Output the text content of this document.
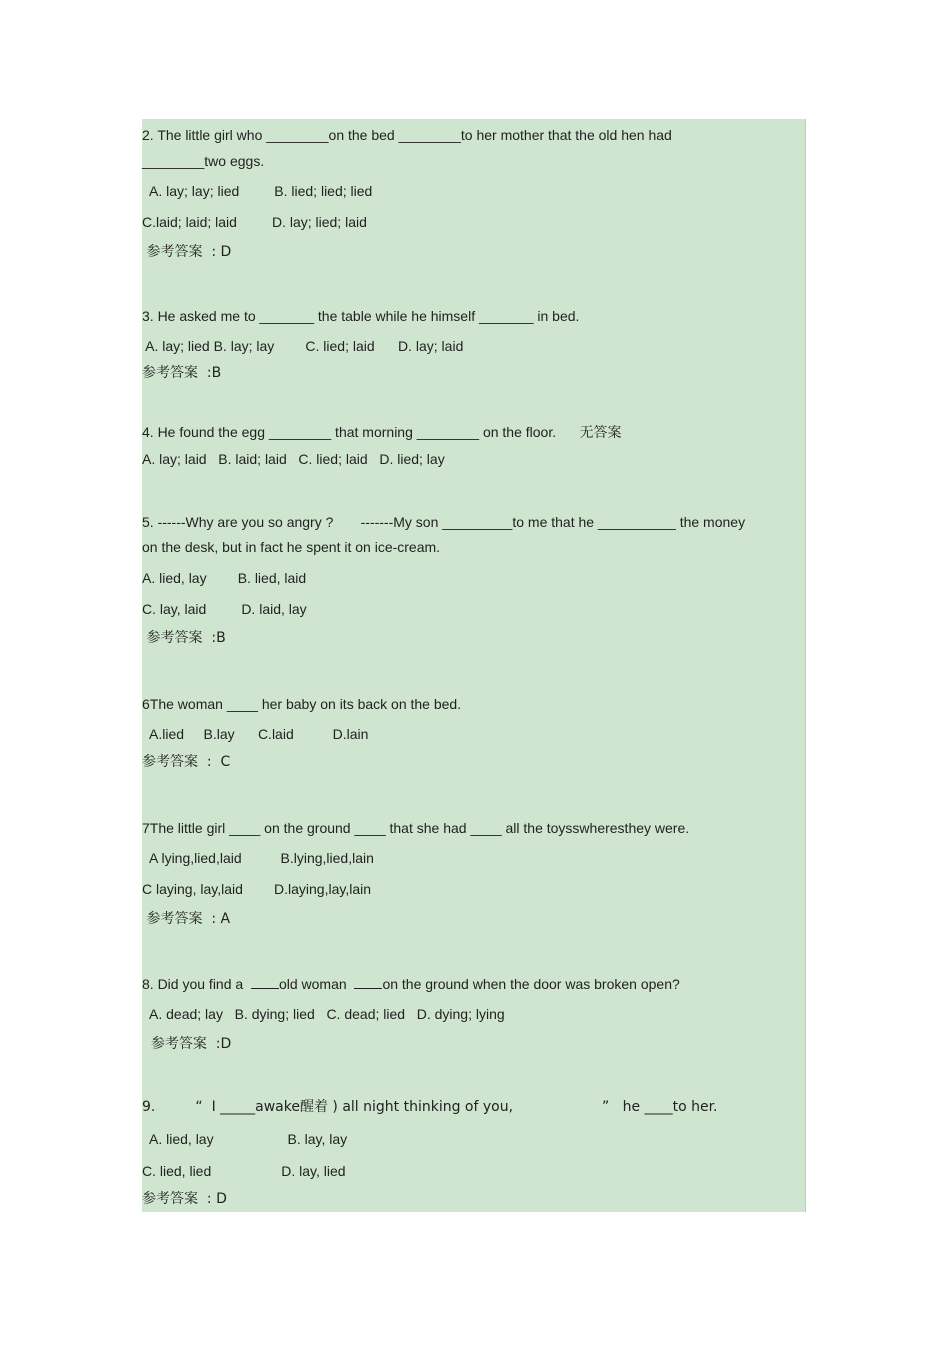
2. The little girl who ________on the bed ________to her mother that the old hen had
________two eggs.
A. lay; lay; lied         B. lied; lied; lied
C.laid; laid; laid         D. lay; lied; laid
参考答案  : D
3. He asked me to _______ the table while he himself _______ in bed.
A. lay; lied B. lay; lay        C. lied; laid      D. lay; laid
参考答案  :B
4. He found the egg ________ that morning ________ on the floor.      无答案
A. lay; laid   B. laid; laid   C. lied; laid   D. lied; lay
5. ------Why are you so angry ?       -------My son _________to me that he __________ the money
on the desk, but in fact he spent it on ice-cream.
A. lied, lay        B. lied, laid
C. lay, laid         D. laid, lay
参考答案  :B
6The woman ____ her baby on its back on the bed.
A.lied     B.lay      C.laid          D.lain
参考答案  :  C
7The little girl ____ on the ground ____ that she had ____ all the toysswheresthey were.
A lying,lied,laid          B.lying,lied,lain
C laying, lay,laid        D.laying,lay,lain
参考答案  : A
8. Did you find a  old woman  on the ground when the door was broken open?
A. dead; lay   B. dying; lied   C. dead; lied   D. dying; lying
参考答案  :D
9.         “  I _____awake醒着 ) all night thinking of you,                    ”   he ____to her.
A. lied, lay                   B. lay, lay
C. lied, lied                  D. lay, lied
参考答案  : D
